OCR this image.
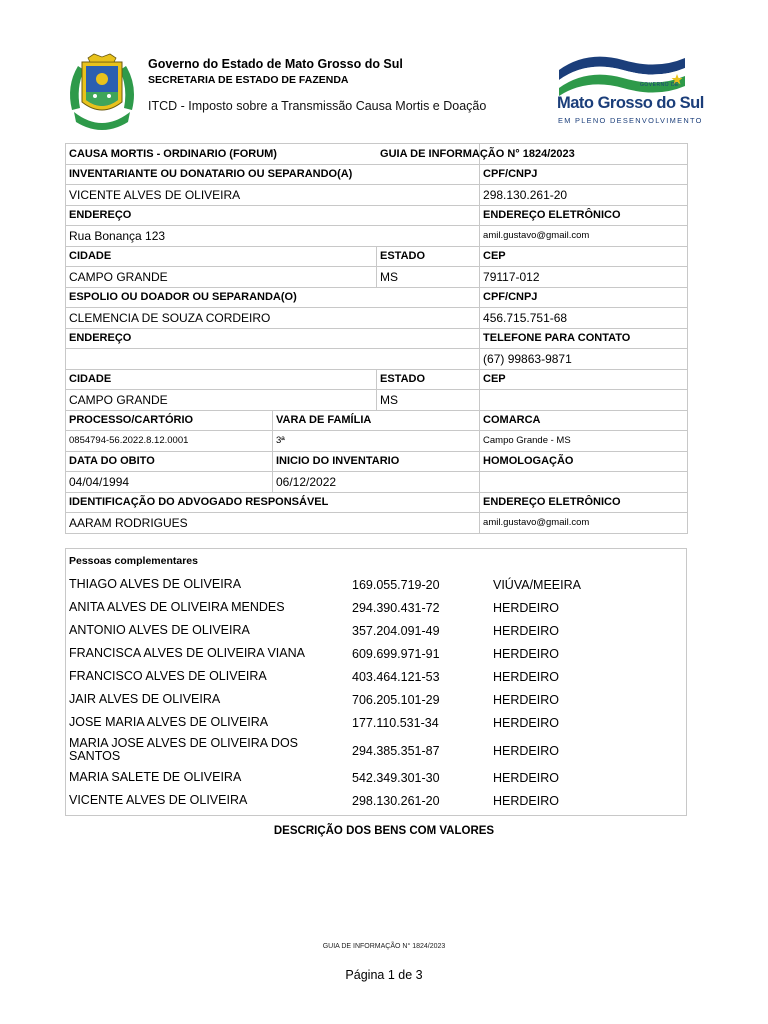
Governo do Estado de Mato Grosso do Sul
SECRETARIA DE ESTADO DE FAZENDA
ITCD - Imposto sobre a Transmissão Causa Mortis e Doação
GOVERNO DE
Mato Grosso do Sul
EM PLENO DESENVOLVIMENTO
CAUSA MORTIS - ORDINARIO (FORUM)	GUIA DE INFORMAÇÃO N° 1824/2023
INVENTARIANTE OU DONATARIO OU SEPARANDO(A)	CPF/CNPJ
VICENTE ALVES DE OLIVEIRA	298.130.261-20
ENDEREÇO	ENDEREÇO ELETRÔNICO
Rua Bonança 123	amil.gustavo@gmail.com
CIDADE	ESTADO	CEP
CAMPO GRANDE	MS	79117-012
ESPOLIO OU DOADOR OU SEPARANDA(O)	CPF/CNPJ
CLEMENCIA DE SOUZA CORDEIRO	456.715.751-68
ENDEREÇO	TELEFONE PARA CONTATO
	(67) 99863-9871
CIDADE	ESTADO	CEP
CAMPO GRANDE	MS	
PROCESSO/CARTÓRIO	VARA DE FAMÍLIA	COMARCA
0854794-56.2022.8.12.0001	3ª	Campo Grande - MS
DATA DO OBITO	INICIO DO INVENTARIO	HOMOLOGAÇÃO
04/04/1994	06/12/2022	
IDENTIFICAÇÃO DO ADVOGADO RESPONSÁVEL	ENDEREÇO ELETRÔNICO
AARAM RODRIGUES	amil.gustavo@gmail.com
Pessoas complementares
THIAGO ALVES DE OLIVEIRA	169.055.719-20	VIÚVA/MEEIRA
ANITA ALVES DE OLIVEIRA MENDES	294.390.431-72	HERDEIRO
ANTONIO ALVES DE OLIVEIRA	357.204.091-49	HERDEIRO
FRANCISCA ALVES DE OLIVEIRA VIANA	609.699.971-91	HERDEIRO
FRANCISCO ALVES DE OLIVEIRA	403.464.121-53	HERDEIRO
JAIR ALVES DE OLIVEIRA	706.205.101-29	HERDEIRO
JOSE MARIA ALVES DE OLIVEIRA	177.110.531-34	HERDEIRO
MARIA JOSE ALVES DE OLIVEIRA DOS SANTOS	294.385.351-87	HERDEIRO
MARIA SALETE DE OLIVEIRA	542.349.301-30	HERDEIRO
VICENTE ALVES DE OLIVEIRA	298.130.261-20	HERDEIRO
DESCRIÇÃO DOS BENS COM VALORES
GUIA DE INFORMAÇÃO N° 1824/2023
Página 1 de 3
